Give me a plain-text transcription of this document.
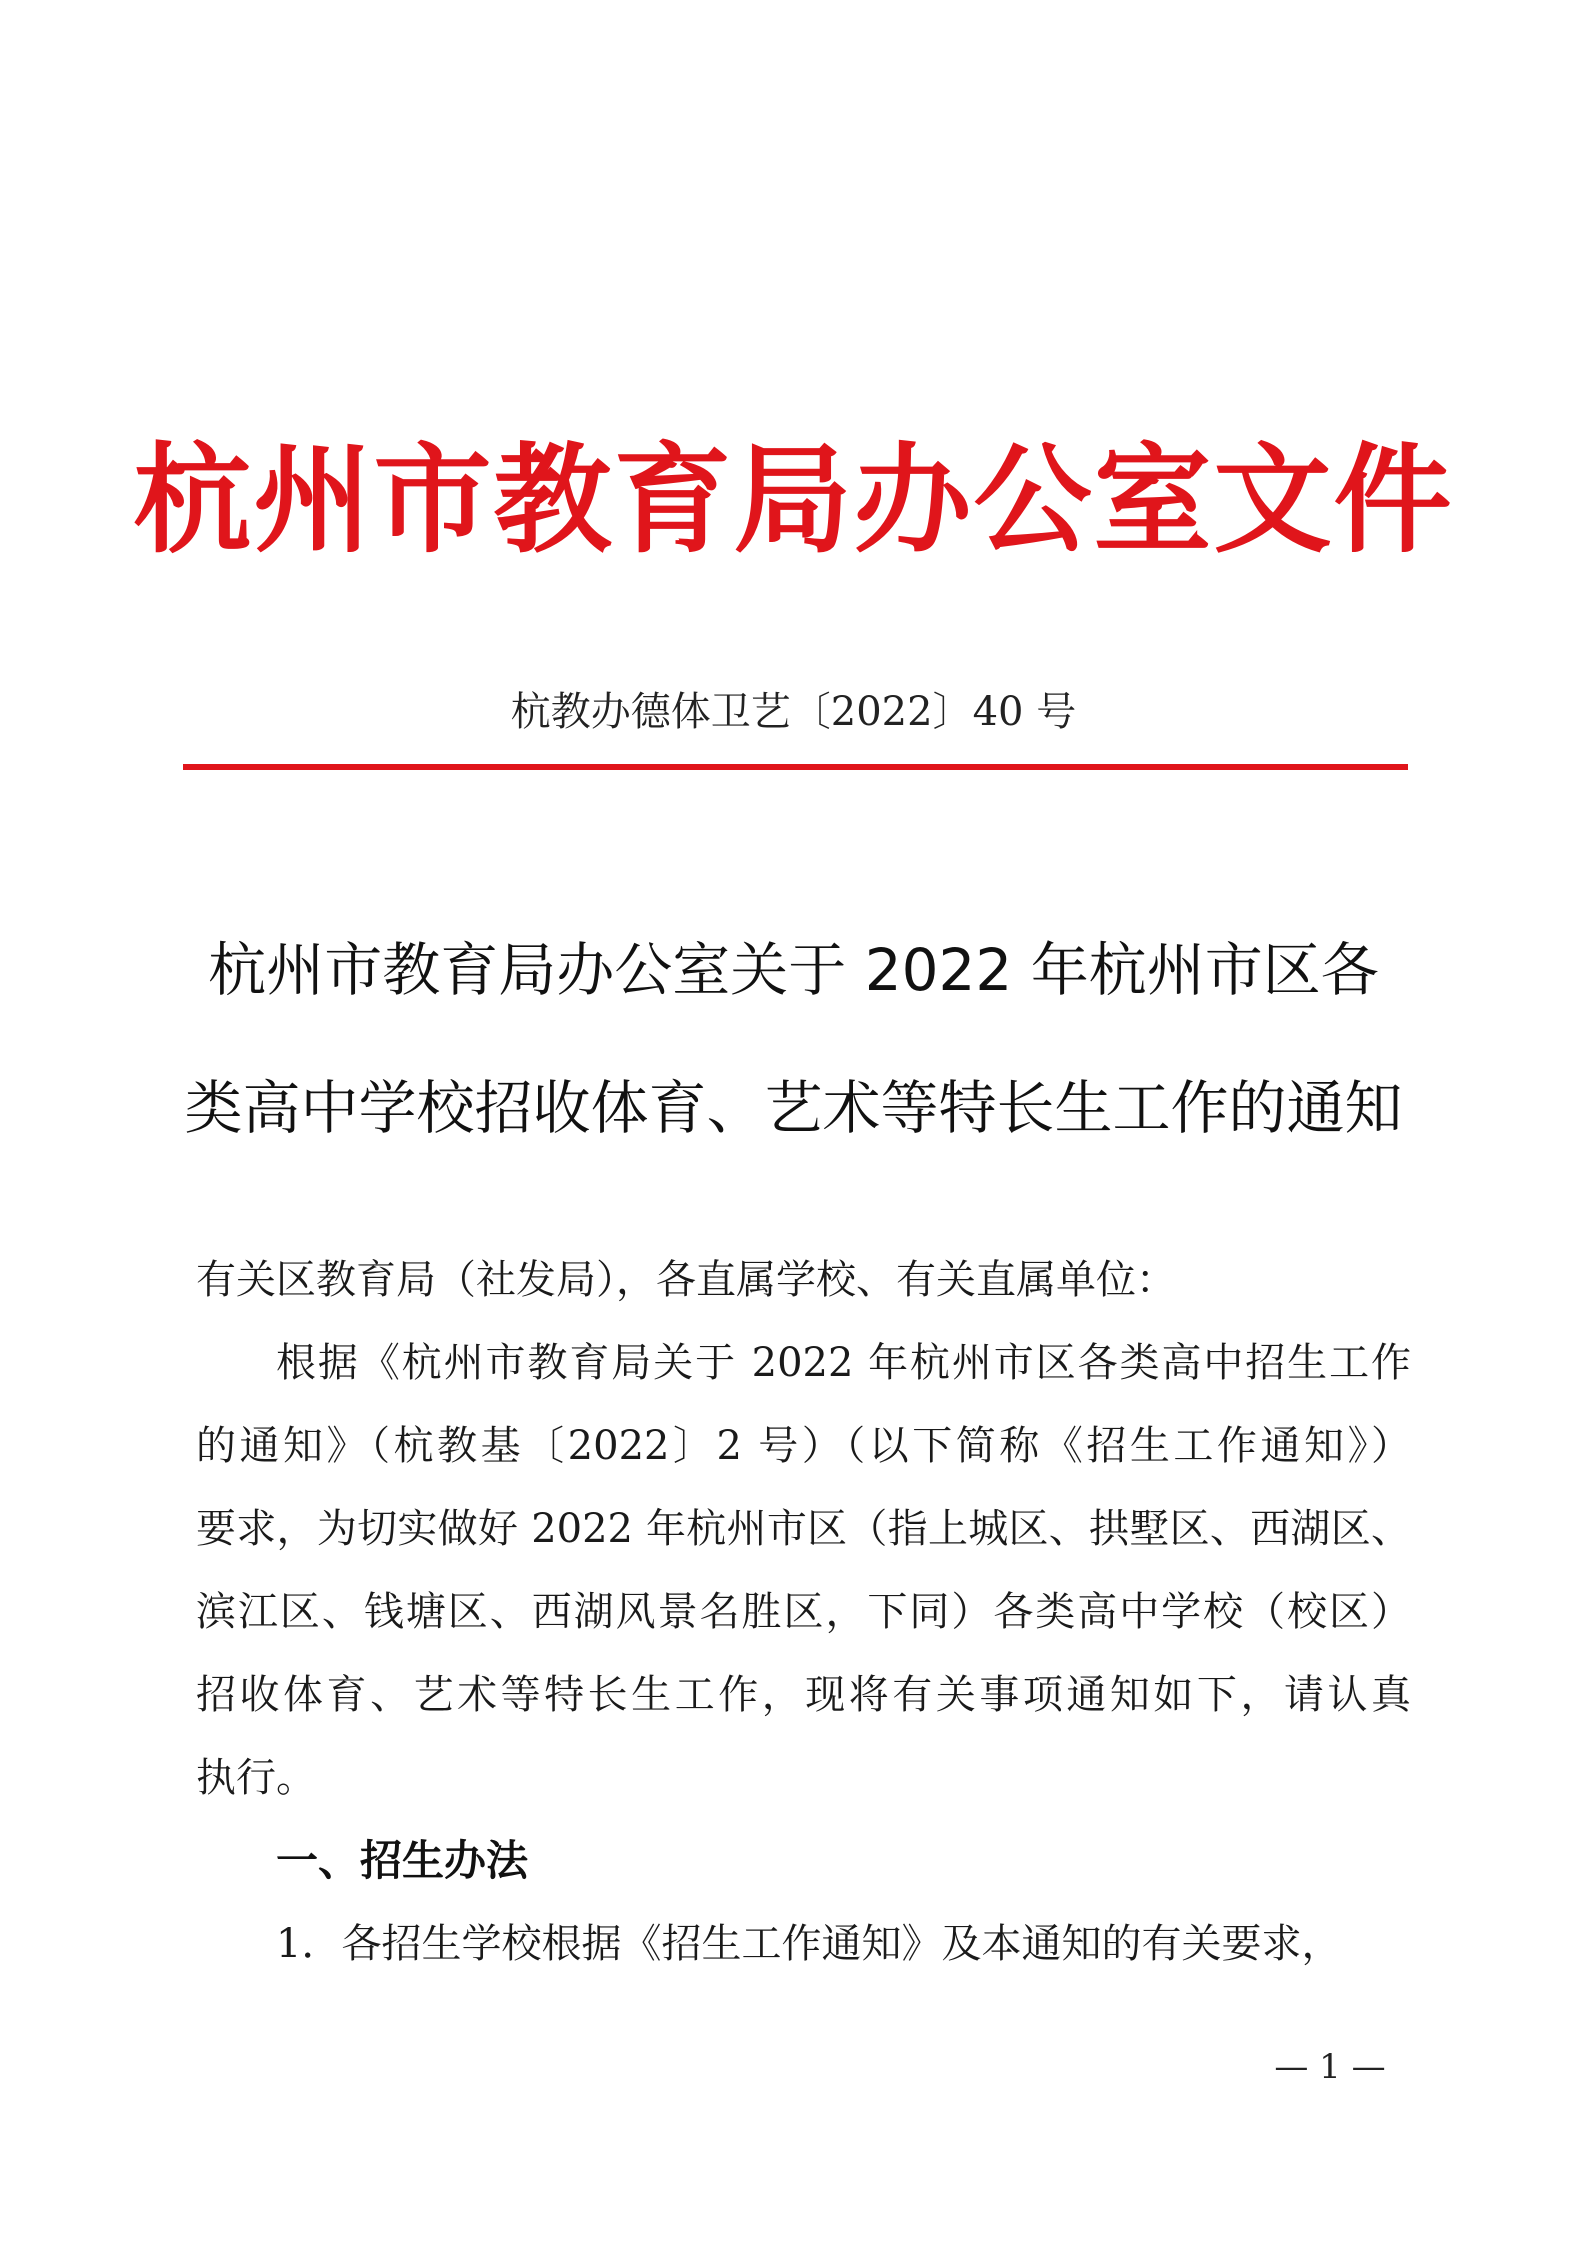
杭州市教育局办公室文件
杭教办德体卫艺〔2022〕40 号
杭州市教育局办公室关于 2022 年杭州市区各
类高中学校招收体育、艺术等特长生工作的通知
有关区教育局（社发局），各直属学校、有关直属单位：
根据《杭州市教育局关于 2022 年杭州市区各类高中招生工作
的通知》（杭教基〔2022〕2 号）（以下简称《招生工作通知》）
要求，为切实做好 2022 年杭州市区（指上城区、拱墅区、西湖区、
滨江区、钱塘区、西湖风景名胜区，下同）各类高中学校（校区）
招收体育、艺术等特长生工作，现将有关事项通知如下，请认真
执行。
一、招生办法
1．各招生学校根据《招生工作通知》及本通知的有关要求，
— 1 —
